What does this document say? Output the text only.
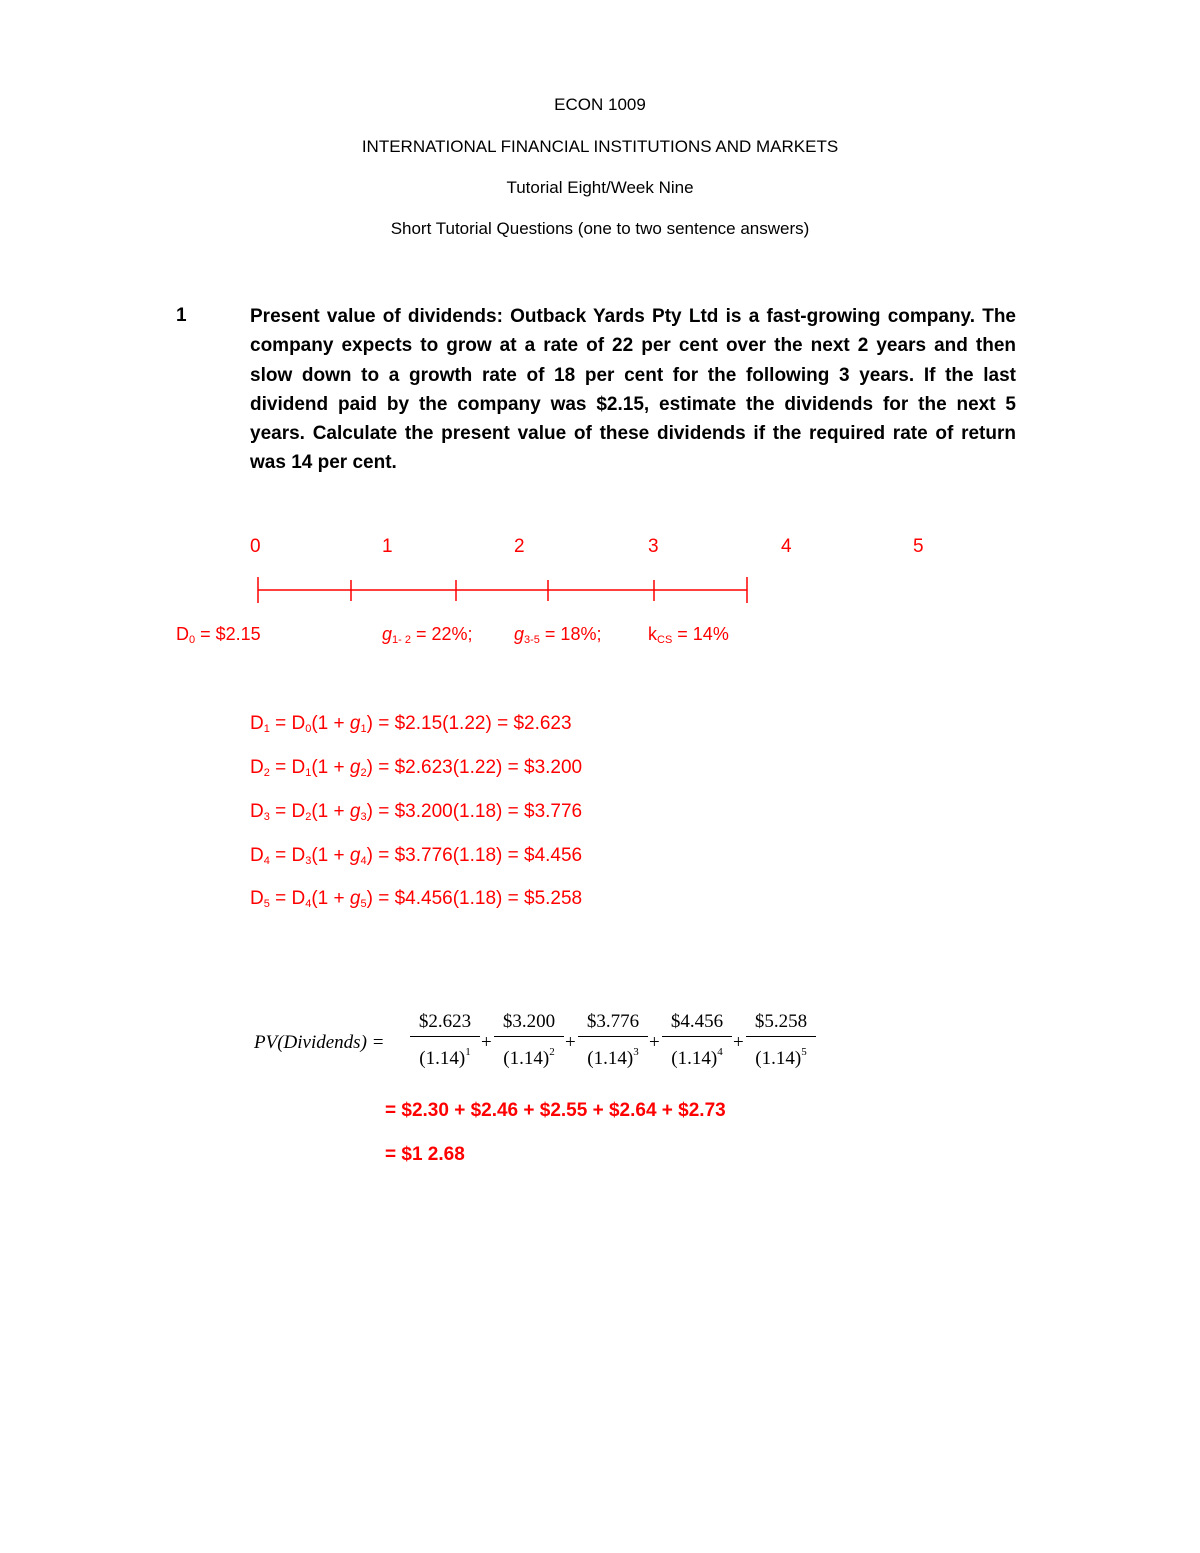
ECON 1009
INTERNATIONAL FINANCIAL INSTITUTIONS AND MARKETS
Tutorial Eight/Week Nine
Short Tutorial Questions (one to two sentence answers)
1	Present value of dividends: Outback Yards Pty Ltd is a fast-growing company. The company expects to grow at a rate of 22 per cent over the next 2 years and then slow down to a growth rate of 18 per cent for the following 3 years. If the last dividend paid by the company was $2.15, estimate the dividends for the next 5 years. Calculate the present value of these dividends if the required rate of return was 14 per cent.
0	1	2	3	4	5
$D_0$ = $2.15	$g_{1- 2} = 22\%$; $g_{3-5} = 18\%$;	$k_{CS} = 14\%$
$D_1 = D_0(1 + g_1)$ = $2.15(1.22) = $2.623
$D_2 = D_1(1 + g_2)$ = $2.623(1.22) = $3.200
$D_3 = D_2(1 + g_3)$ = $3.200(1.18) = $3.776
$D_4 = D_3(1 + g_4)$ = $3.776(1.18) = $4.456
$D_5 = D_4(1 + g_5)$ = $4.456(1.18) = $5.258
PV(Dividends) = $\frac{\$2.623}{(1.14)^1} + \frac{\$3.200}{(1.14)^2} + \frac{\$3.776}{(1.14)^3} + \frac{\$4.456}{(1.14)^4} + \frac{\$5.258}{(1.14)^5}$
= $2.30 + $2.46 + $2.55 + $2.64 + $2.73
= $1 2.68
